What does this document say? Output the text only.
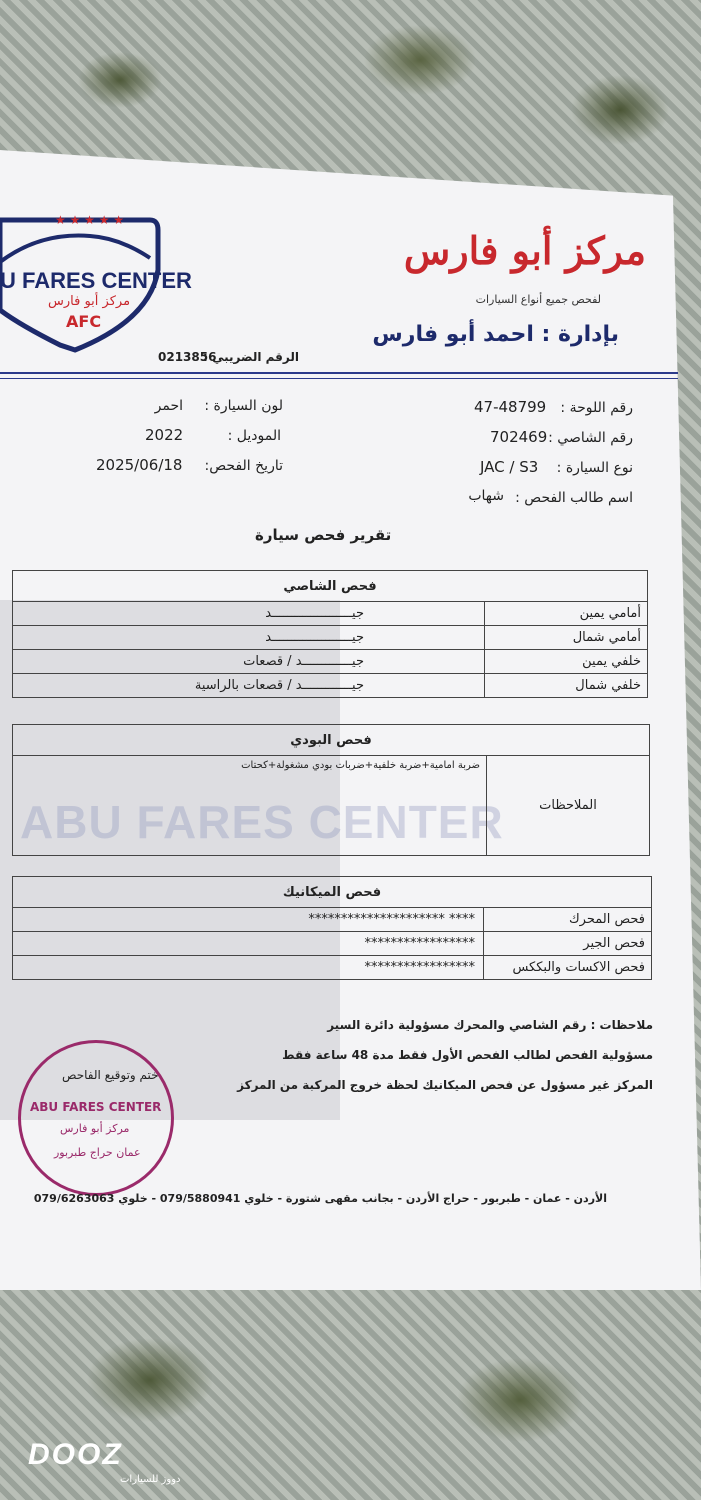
★ ★ ★ ★ ★
U FARES CENTER
مركز أبو فارس
AFC
مركز أبو فارس
لفحص جميع أنواع السيارات
بإدارة : احمد أبو فارس
الرقم الضريبي :
0213856
رقم اللوحة :
47-48799
رقم الشاصي :
702469
نوع السيارة :
JAC / S3
اسم طالب الفحص :
شهاب
لون السيارة :
احمر
الموديل :
2022
تاريخ الفحص:
2025/06/18
تقرير فحص سيارة
ABU FARES CENTER
فحص الشاصي	
أمامي يمين	جيـــــــــــــــــــــد
أمامي شمال	جيـــــــــــــــــــــد
خلفي يمين	جيـــــــــــــد / قصعات
خلفي شمال	جيـــــــــــــد / قصعات بالراسية
فحص البودي
الملاحظات	ضربة امامية+ضربة خلفية+ضربات بودي مشغولة+كحتات
فحص الميكانيك	
فحص المحرك	**** *********************
فحص الجير	*****************
فحص الاكسات والبككس	*****************
ملاحظات : رقم الشاصي والمحرك مسؤولية دائرة السير
مسؤولية الفحص لطالب الفحص الأول فقط مدة 48 ساعة فقط
المركز غير مسؤول عن فحص الميكانيك لحظة خروج المركبة من المركز
ختم وتوقيع الفاحص
ABU FARES CENTER
مركز أبو فارس
عمان حراج طبربور
الأردن - عمان - طبربور - حراج الأردن - بجانب مقهى شتورة - خلوي 079/5880941 - خلوي 079/6263063
DOOZ
دووز للسيارات
